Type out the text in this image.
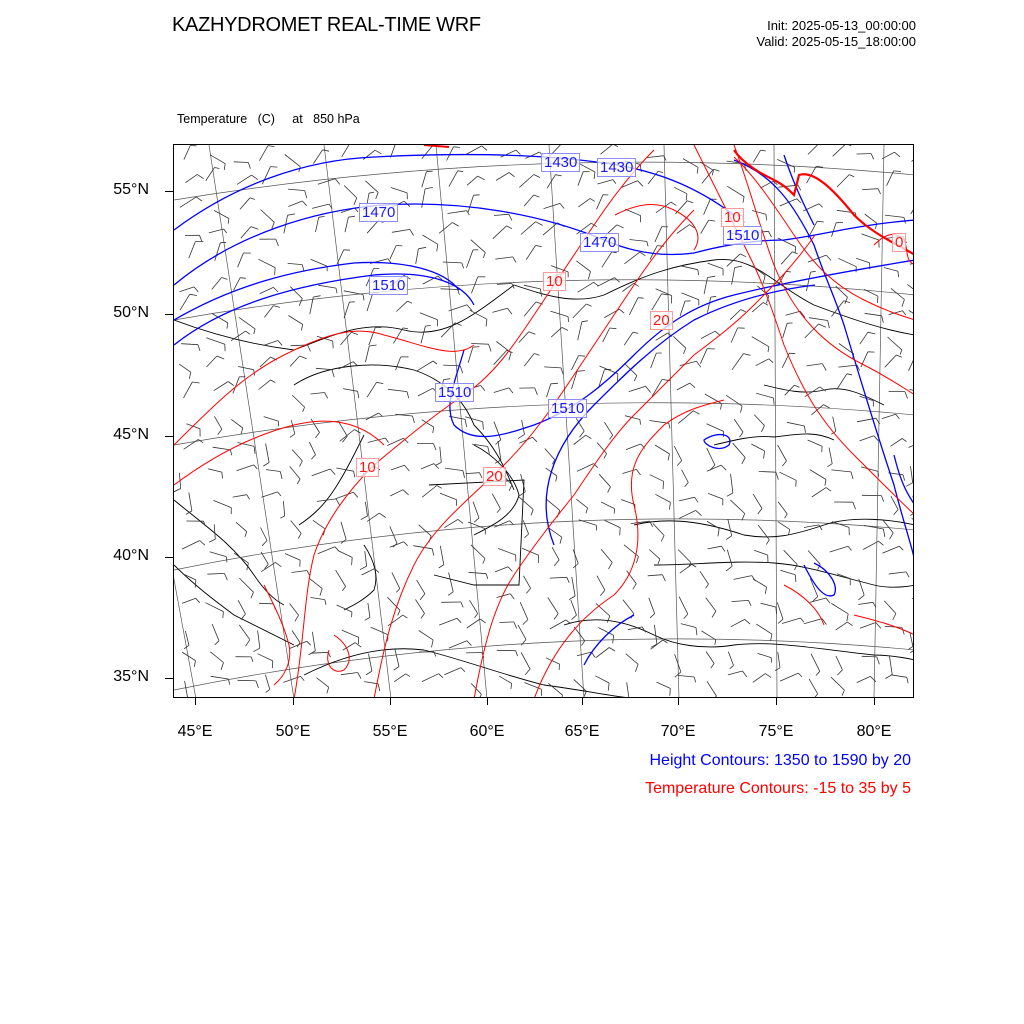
KAZHYDROMET REAL-TIME WRF	Init: 2025-05-13_00:00:00
Valid: 2025-05-15_18:00:00

Temperature   (C)     at   850 hPa

55°N
50°N
45°N
40°N
35°N
45°E	50°E	55°E	60°E	65°E	70°E	75°E	80°E
1430 1430
1470
1470	1510
1510
1510
1510
10
0
10
20
10
20
Height Contours: 1350 to 1590 by 20
Temperature Contours: -15 to 35 by 5
